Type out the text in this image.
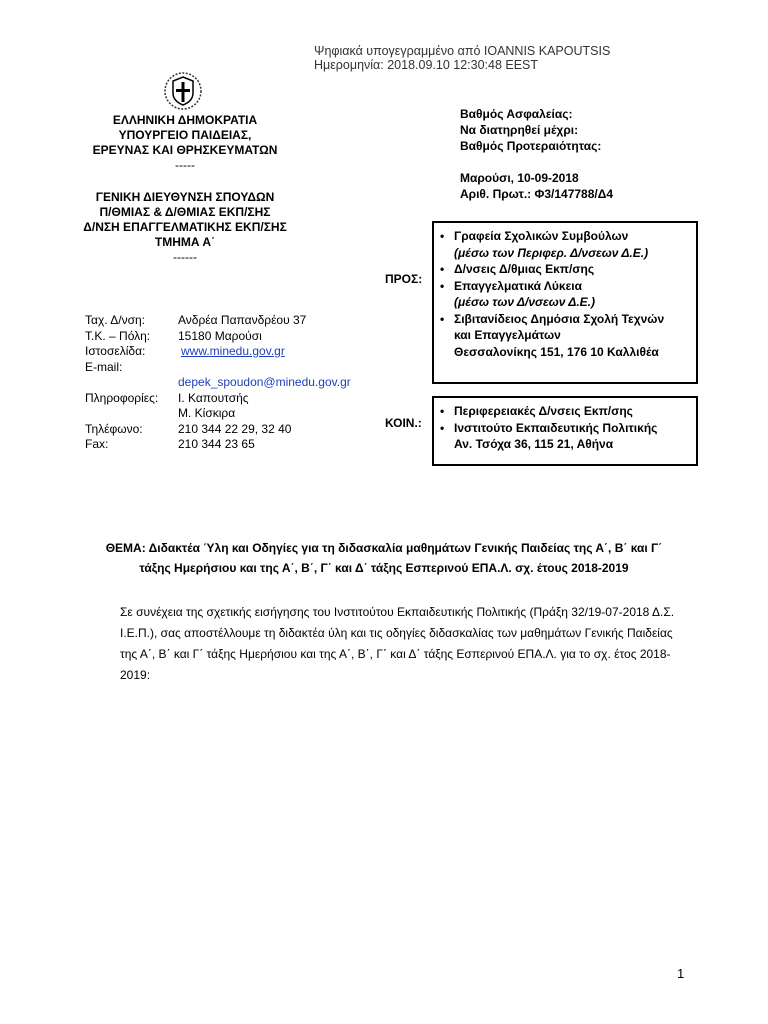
Ψηφιακά υπογεγραμμένο από IOANNIS KAPOUTSIS
Ημερομηνία: 2018.09.10 12:30:48 EEST
ΕΛΛΗΝΙΚΗ ΔΗΜΟΚΡΑΤΙΑ
ΥΠΟΥΡΓΕΙΟ ΠΑΙΔΕΙΑΣ,
ΕΡΕΥΝΑΣ ΚΑΙ ΘΡΗΣΚΕΥΜΑΤΩΝ
-----
ΓΕΝΙΚΗ ΔΙΕΥΘΥΝΣΗ ΣΠΟΥΔΩΝ
Π/ΘΜΙΑΣ & Δ/ΘΜΙΑΣ ΕΚΠ/ΣΗΣ
Δ/ΝΣΗ ΕΠΑΓΓΕΛΜΑΤΙΚΗΣ ΕΚΠ/ΣΗΣ
ΤΜΗΜΑ Α΄
------
Βαθμός Ασφαλείας:
Να διατηρηθεί μέχρι:
Βαθμός Προτεραιότητας:
Μαρούσι, 10-09-2018
Αριθ. Πρωτ.: Φ3/147788/Δ4
Ταχ. Δ/νση:	Ανδρέα Παπανδρέου 37
Τ.Κ. – Πόλη:	15180 Μαρούσι
Ιστοσελίδα:	www.minedu.gov.gr
E-mail:
depek_spoudon@minedu.gov.gr
Πληροφορίες:	Ι. Καπουτσής
Μ. Κίσκιρα
Τηλέφωνο:	210 344 22 29, 32 40
Fax:	210 344 23 65
ΠΡΟΣ:
• Γραφεία Σχολικών Συμβούλων
(μέσω των Περιφερ. Δ/νσεων Δ.Ε.)
• Δ/νσεις Δ/θμιας Εκπ/σης
• Επαγγελματικά Λύκεια
(μέσω των Δ/νσεων Δ.Ε.)
• Σιβιτανίδειος Δημόσια Σχολή Τεχνών
και Επαγγελμάτων
Θεσσαλονίκης 151, 176 10 Καλλιθέα
ΚΟΙΝ.:
• Περιφερειακές Δ/νσεις Εκπ/σης
• Ινστιτούτο Εκπαιδευτικής Πολιτικής
Αν. Τσόχα 36, 115 21, Αθήνα
ΘΕΜΑ: Διδακτέα Ύλη και Οδηγίες για τη διδασκαλία μαθημάτων Γενικής Παιδείας της Α΄, Β΄ και Γ΄
τάξης Ημερήσιου και της Α΄, Β΄, Γ΄ και Δ΄ τάξης Εσπερινού ΕΠΑ.Λ. σχ. έτους 2018-2019
Σε συνέχεια της σχετικής εισήγησης του Ινστιτούτου Εκπαιδευτικής Πολιτικής (Πράξη 32/19-07-2018 Δ.Σ.
Ι.Ε.Π.), σας αποστέλλουμε τη διδακτέα ύλη και τις οδηγίες διδασκαλίας των μαθημάτων Γενικής Παιδείας
της Α΄, Β΄ και Γ΄ τάξης Ημερήσιου και της Α΄, Β΄, Γ΄ και Δ΄ τάξης Εσπερινού ΕΠΑ.Λ. για το σχ. έτος 2018-
2019:
1
